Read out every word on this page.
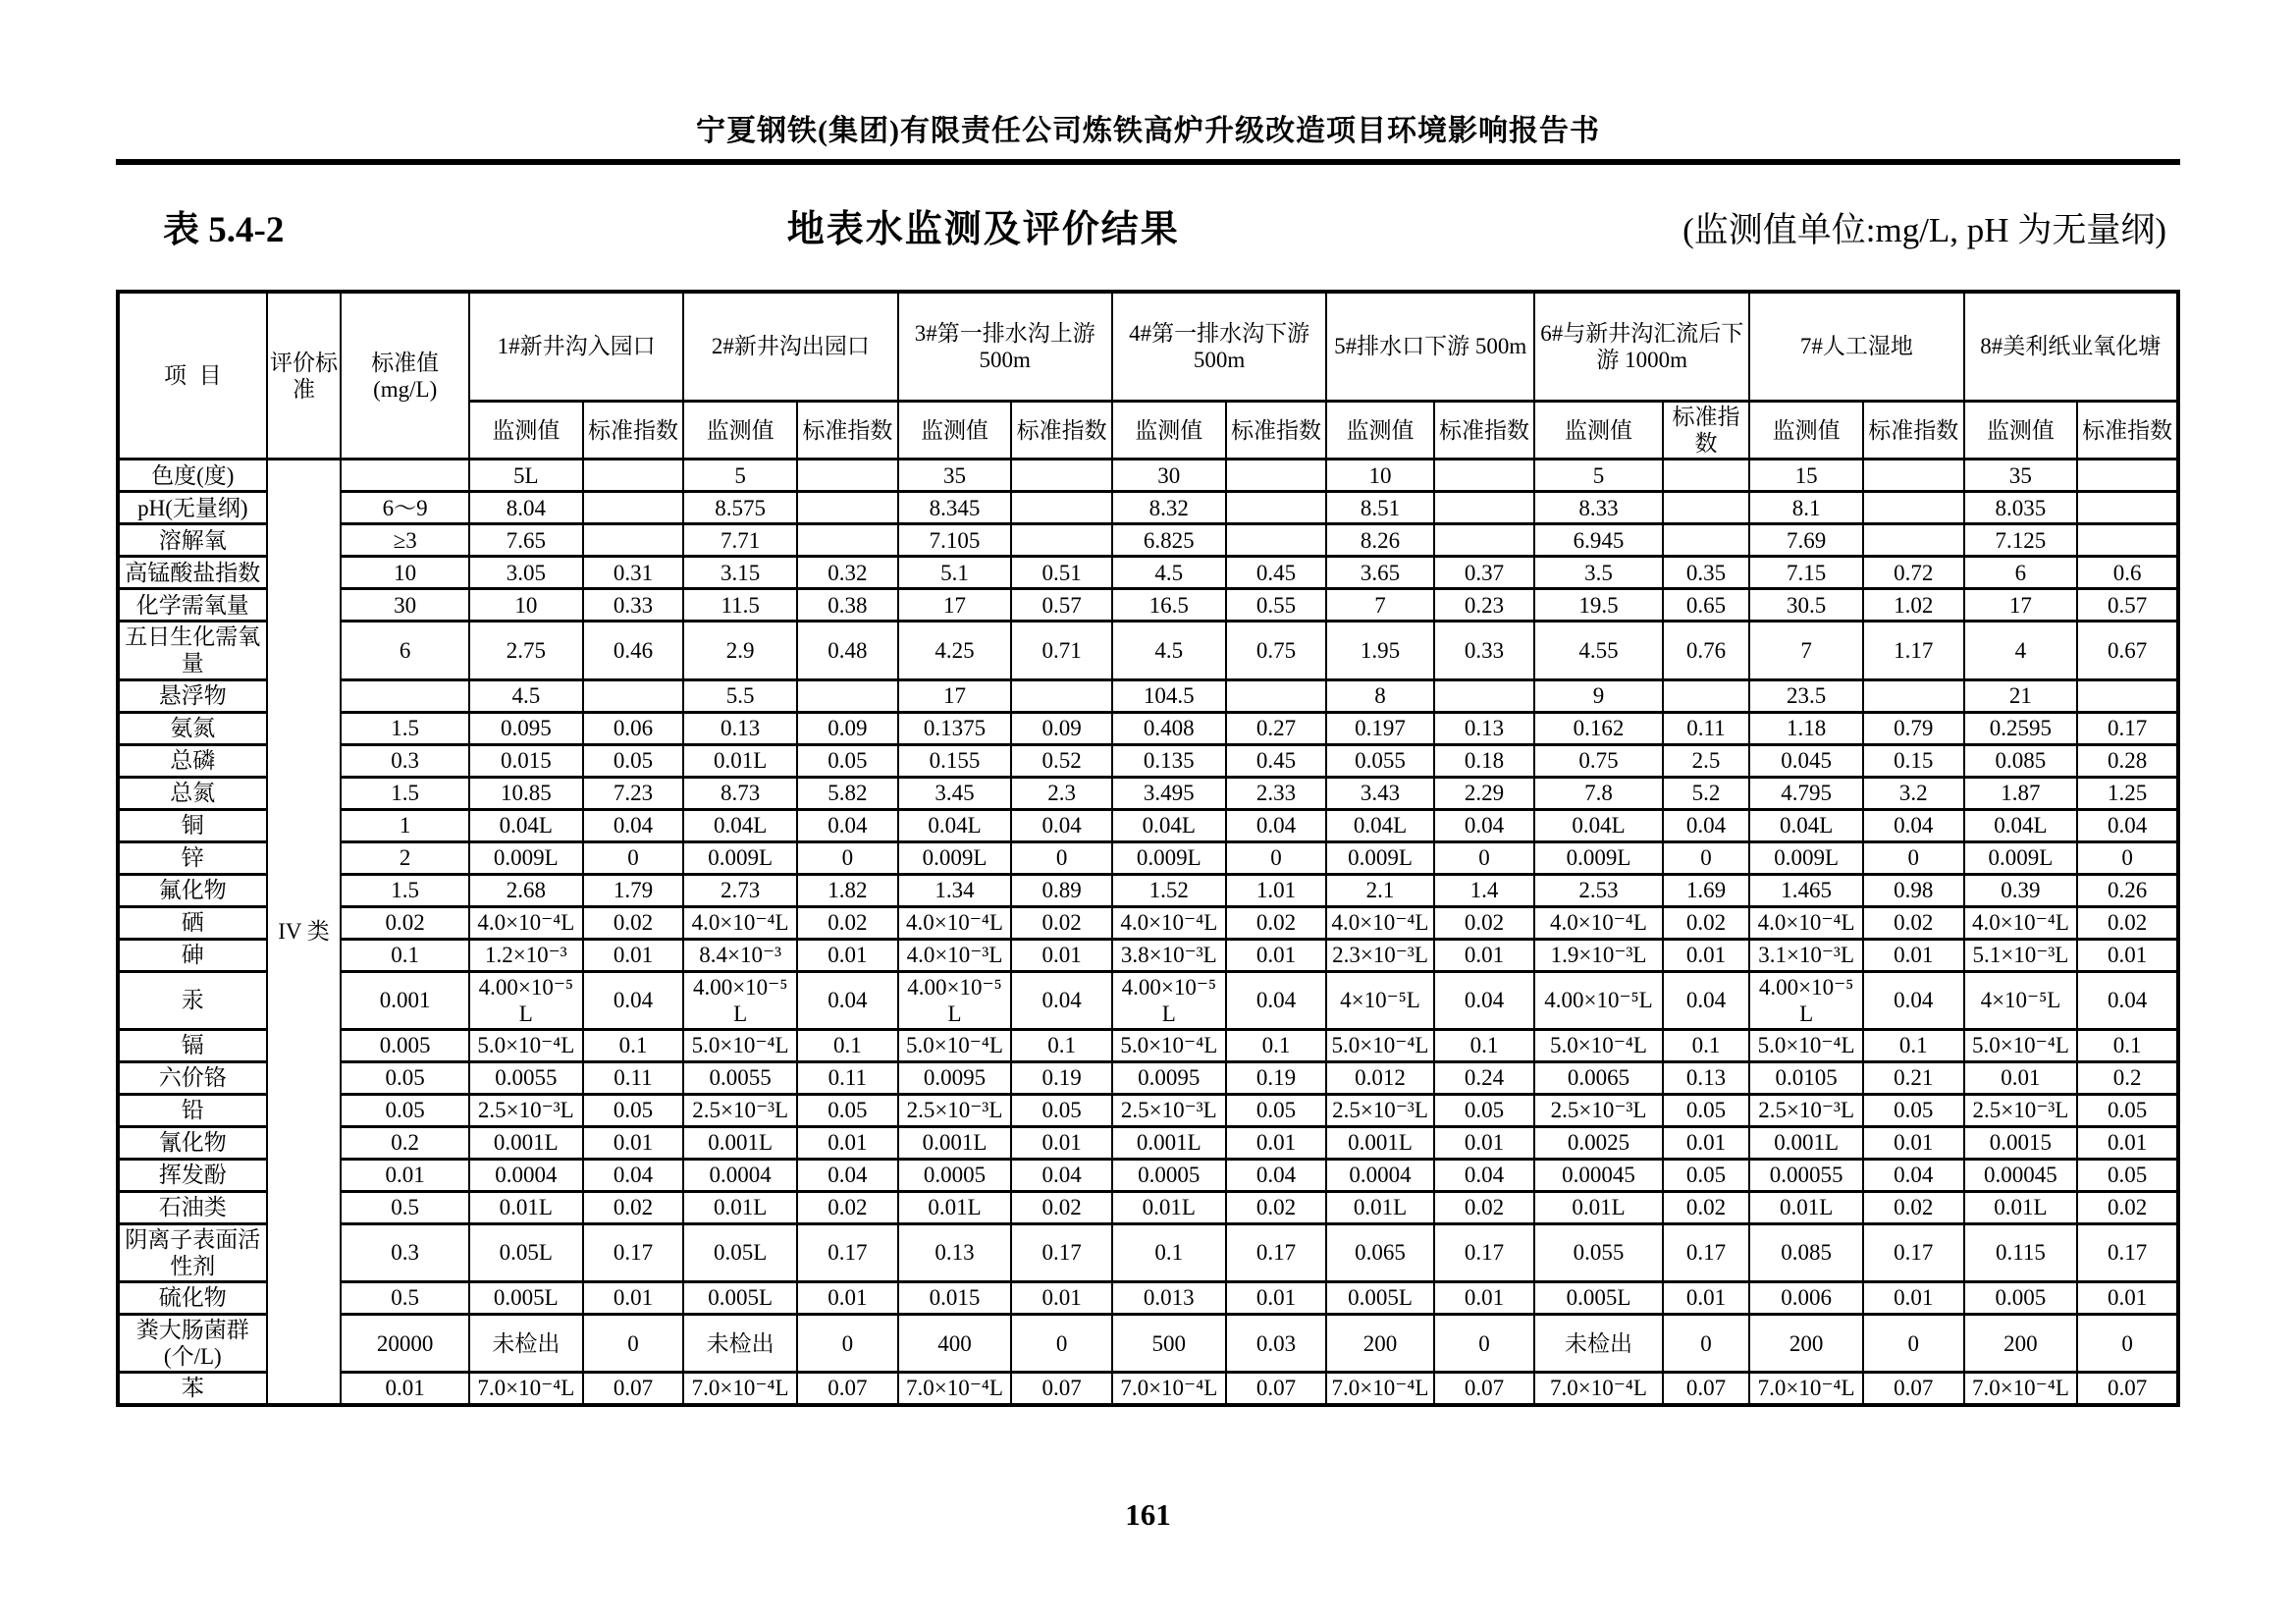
宁夏钢铁(集团)有限责任公司炼铁高炉升级改造项目环境影响报告书
表 5.4-2	地表水监测及评价结果	(监测值单位:mg/L, pH 为无量纲)
项目	评价标准	标准值(mg/L)	1#新井沟入园口		2#新井沟出园口		3#第一排水沟上游 500m		4#第一排水沟下游 500m		5#排水口下游 500m		6#与新井沟汇流后下游 1000m		7#人工湿地		8#美利纸业氧化塘	
			监测值	标准指数	监测值	标准指数	监测值	标准指数	监测值	标准指数	监测值	标准指数	监测值	标准指数	监测值	标准指数	监测值	标准指数
色度(度)	IV 类		5L		5		35		30		10		5		15		35	
pH(无量纲)		6～9	8.04		8.575		8.345		8.32		8.51		8.33		8.1		8.035	
溶解氧		≥3	7.65		7.71		7.105		6.825		8.26		6.945		7.69		7.125	
高锰酸盐指数		10	3.05	0.31	3.15	0.32	5.1	0.51	4.5	0.45	3.65	0.37	3.5	0.35	7.15	0.72	6	0.6
化学需氧量		30	10	0.33	11.5	0.38	17	0.57	16.5	0.55	7	0.23	19.5	0.65	30.5	1.02	17	0.57
五日生化需氧量		6	2.75	0.46	2.9	0.48	4.25	0.71	4.5	0.75	1.95	0.33	4.55	0.76	7	1.17	4	0.67
悬浮物			4.5		5.5		17		104.5		8		9		23.5		21	
氨氮		1.5	0.095	0.06	0.13	0.09	0.1375	0.09	0.408	0.27	0.197	0.13	0.162	0.11	1.18	0.79	0.2595	0.17
总磷		0.3	0.015	0.05	0.01L	0.05	0.155	0.52	0.135	0.45	0.055	0.18	0.75	2.5	0.045	0.15	0.085	0.28
总氮		1.5	10.85	7.23	8.73	5.82	3.45	2.3	3.495	2.33	3.43	2.29	7.8	5.2	4.795	3.2	1.87	1.25
铜		1	0.04L	0.04	0.04L	0.04	0.04L	0.04	0.04L	0.04	0.04L	0.04	0.04L	0.04	0.04L	0.04	0.04L	0.04
锌		2	0.009L	0	0.009L	0	0.009L	0	0.009L	0	0.009L	0	0.009L	0	0.009L	0	0.009L	0
氟化物		1.5	2.68	1.79	2.73	1.82	1.34	0.89	1.52	1.01	2.1	1.4	2.53	1.69	1.465	0.98	0.39	0.26
硒		0.02	4.0×10⁻⁴L	0.02	4.0×10⁻⁴L	0.02	4.0×10⁻⁴L	0.02	4.0×10⁻⁴L	0.02	4.0×10⁻⁴L	0.02	4.0×10⁻⁴L	0.02	4.0×10⁻⁴L	0.02	4.0×10⁻⁴L	0.02
砷		0.1	1.2×10⁻³	0.01	8.4×10⁻³	0.01	4.0×10⁻³L	0.01	3.8×10⁻³L	0.01	2.3×10⁻³L	0.01	1.9×10⁻³L	0.01	3.1×10⁻³L	0.01	5.1×10⁻³L	0.01
汞		0.001	4.00×10⁻⁵L	0.04	4.00×10⁻⁵L	0.04	4.00×10⁻⁵L	0.04	4.00×10⁻⁵L	0.04	4×10⁻⁵L	0.04	4.00×10⁻⁵L	0.04	4.00×10⁻⁵L	0.04	4×10⁻⁵L	0.04
镉		0.005	5.0×10⁻⁴L	0.1	5.0×10⁻⁴L	0.1	5.0×10⁻⁴L	0.1	5.0×10⁻⁴L	0.1	5.0×10⁻⁴L	0.1	5.0×10⁻⁴L	0.1	5.0×10⁻⁴L	0.1	5.0×10⁻⁴L	0.1
六价铬		0.05	0.0055	0.11	0.0055	0.11	0.0095	0.19	0.0095	0.19	0.012	0.24	0.0065	0.13	0.0105	0.21	0.01	0.2
铅		0.05	2.5×10⁻³L	0.05	2.5×10⁻³L	0.05	2.5×10⁻³L	0.05	2.5×10⁻³L	0.05	2.5×10⁻³L	0.05	2.5×10⁻³L	0.05	2.5×10⁻³L	0.05	2.5×10⁻³L	0.05
氰化物		0.2	0.001L	0.01	0.001L	0.01	0.001L	0.01	0.001L	0.01	0.001L	0.01	0.0025	0.01	0.001L	0.01	0.0015	0.01
挥发酚		0.01	0.0004	0.04	0.0004	0.04	0.0005	0.04	0.0005	0.04	0.0004	0.04	0.00045	0.05	0.00055	0.04	0.00045	0.05
石油类		0.5	0.01L	0.02	0.01L	0.02	0.01L	0.02	0.01L	0.02	0.01L	0.02	0.01L	0.02	0.01L	0.02	0.01L	0.02
阴离子表面活性剂		0.3	0.05L	0.17	0.05L	0.17	0.13	0.17	0.1	0.17	0.065	0.17	0.055	0.17	0.085	0.17	0.115	0.17
硫化物		0.5	0.005L	0.01	0.005L	0.01	0.015	0.01	0.013	0.01	0.005L	0.01	0.005L	0.01	0.006	0.01	0.005	0.01
粪大肠菌群(个/L)		20000	未检出	0	未检出	0	400	0	500	0.03	200	0	未检出	0	200	0	200	0
苯		0.01	7.0×10⁻⁴L	0.07	7.0×10⁻⁴L	0.07	7.0×10⁻⁴L	0.07	7.0×10⁻⁴L	0.07	7.0×10⁻⁴L	0.07	7.0×10⁻⁴L	0.07	7.0×10⁻⁴L	0.07	7.0×10⁻⁴L	0.07
161
